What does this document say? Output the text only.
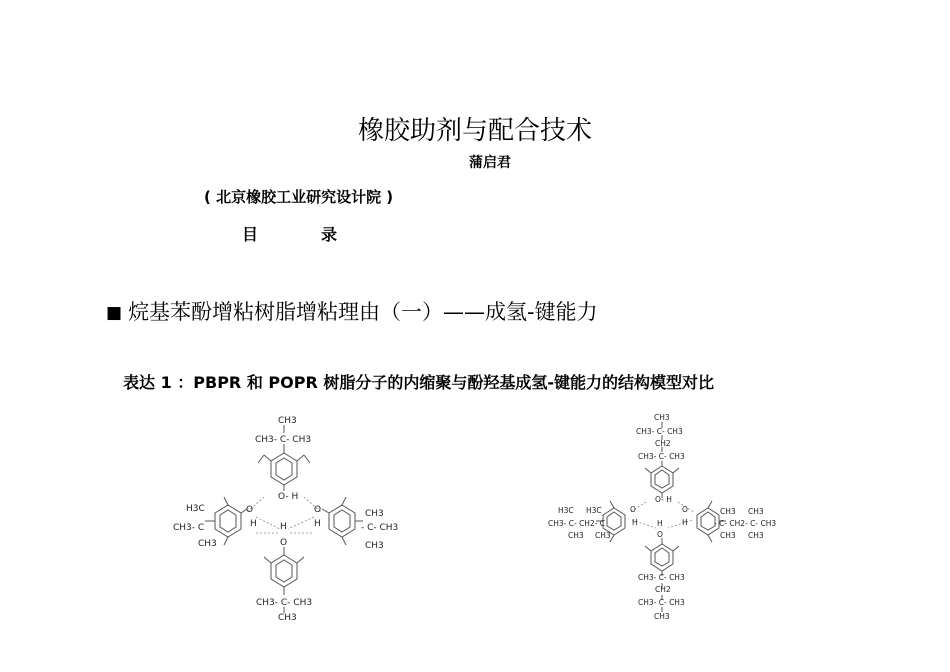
橡胶助剂与配合技术
蒲启君
( 北京橡胶工业研究设计院 )
目	录
■ 烷基苯酚增粘树脂增粘理由（一）——成氢-键能力
表达 1 ：PBPR 和 POPR 树脂分子的内缩聚与酚羟基成氢-键能力的结构模型对比
CH3
CH3- C- CH3
O- H
H3C
CH3- C
CH3
O
H	H
O
O
H
CH3
- C- CH3
CH3
CH3- C- CH3
CH3
CH3
CH3- C- CH3
CH2
CH3- C- CH3
O- H
H3C H3C
CH3- C- CH2- C
CH3 CH3
O
H	H
O
O
H
CH3 CH3
- C- CH2- C- CH3
CH3 CH3
CH3- C- CH3
CH2
CH3- C- CH3
CH3
